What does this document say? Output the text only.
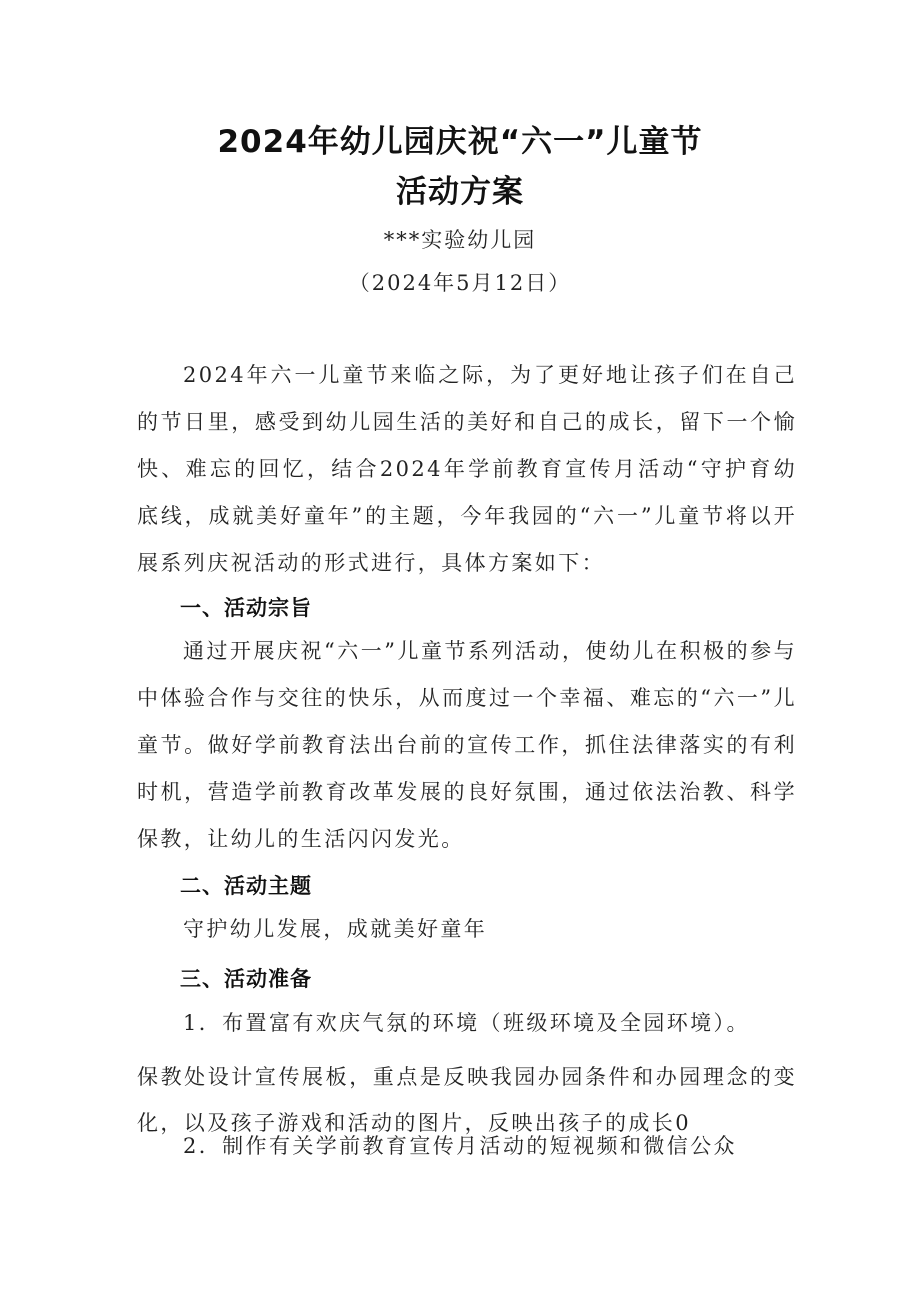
2024年幼儿园庆祝“六一”儿童节
活动方案
***实验幼儿园
（2024年5月12日）

2024年六一儿童节来临之际，为了更好地让孩子们在自己的节日里，感受到幼儿园生活的美好和自己的成长，留下一个愉快、难忘的回忆，结合2024年学前教育宣传月活动“守护育幼底线，成就美好童年”的主题，今年我园的“六一”儿童节将以开展系列庆祝活动的形式进行，具体方案如下：

一、活动宗旨

通过开展庆祝“六一”儿童节系列活动，使幼儿在积极的参与中体验合作与交往的快乐，从而度过一个幸福、难忘的“六一”儿童节。做好学前教育法出台前的宣传工作，抓住法律落实的有利时机，营造学前教育改革发展的良好氛围，通过依法治教、科学保教，让幼儿的生活闪闪发光。

二、活动主题

守护幼儿发展，成就美好童年

三、活动准备

1．布置富有欢庆气氛的环境（班级环境及全园环境）。

保教处设计宣传展板，重点是反映我园办园条件和办园理念的变化，以及孩子游戏和活动的图片，反映出孩子的成长0

2．制作有关学前教育宣传月活动的短视频和微信公众
